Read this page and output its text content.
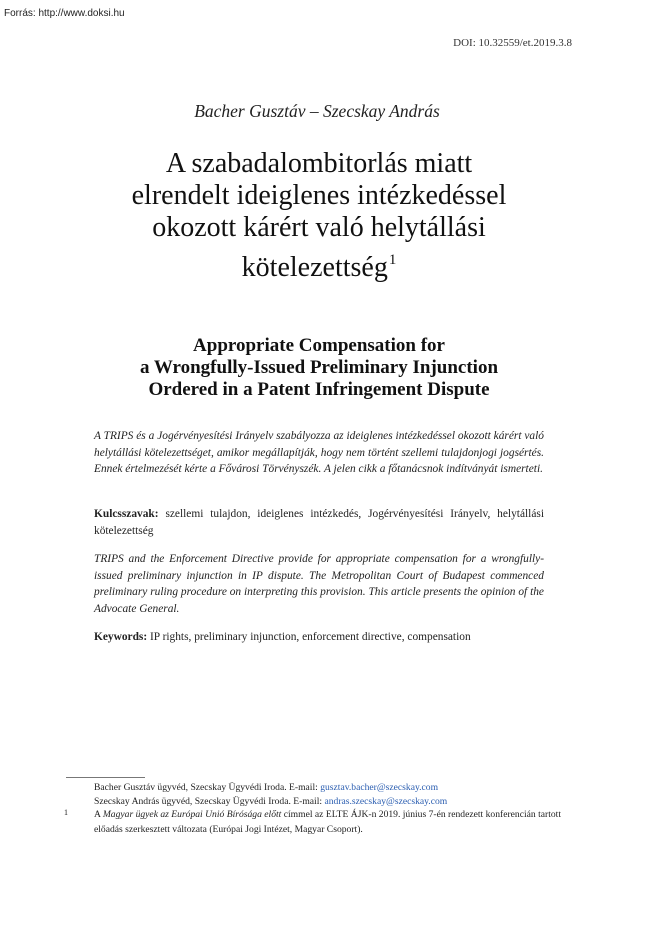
Forrás: http://www.doksi.hu
DOI: 10.32559/et.2019.3.8
Bacher Gusztáv – Szecskay András
A szabadalombitorlás miatt
elrendelt ideiglenes intézkedéssel
okozott kárért való helytállási
kötelezettség$^1$
Appropriate Compensation for
a Wrongfully-Issued Preliminary Injunction
Ordered in a Patent Infringement Dispute
A TRIPS és a Jogérvényesítési Irányelv szabályozza az ideiglenes intézkedéssel okozott kárért való helytállási kötelezettséget, amikor megállapítják, hogy nem történt szellemi tulajdonjogi jogsértés. Ennek értelmezését kérte a Fővárosi Törvényszék. A jelen cikk a főtanácsnok indítványát ismerteti.
Kulcsszavak: szellemi tulajdon, ideiglenes intézkedés, Jogérvényesítési Irányelv, helytállási kötelezettség
TRIPS and the Enforcement Directive provide for appropriate compensation for a wrongfully-issued preliminary injunction in IP dispute. The Metropolitan Court of Budapest commenced preliminary ruling procedure on interpreting this provision. This article presents the opinion of the Advocate General.
Keywords: IP rights, preliminary injunction, enforcement directive, compensation
Bacher Gusztáv ügyvéd, Szecskay Ügyvédi Iroda. E-mail: gusztav.bacher@szecskay.com
Szecskay András ügyvéd, Szecskay Ügyvédi Iroda. E-mail: andras.szecskay@szecskay.com
1	A Magyar ügyek az Európai Unió Bírósága előtt címmel az ELTE ÁJK-n 2019. június 7-én rendezett konferencián tartott előadás szerkesztett változata (Európai Jogi Intézet, Magyar Csoport).
